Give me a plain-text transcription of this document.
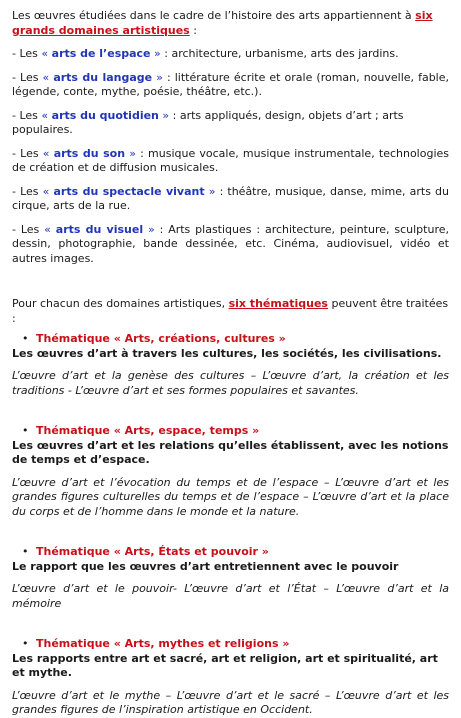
Les œuvres étudiées dans le cadre de l’histoire des arts appartiennent à six grands domaines artistiques :

- Les « arts de l’espace » : architecture, urbanisme, arts des jardins.

- Les « arts du langage » : littérature écrite et orale (roman, nouvelle, fable, légende, conte, mythe, poésie, théâtre, etc.).

- Les « arts du quotidien » : arts appliqués, design, objets d’art ; arts populaires.

- Les « arts du son » : musique vocale, musique instrumentale, technologies de création et de diffusion musicales.

- Les « arts du spectacle vivant » : théâtre, musique, danse, mime, arts du cirque, arts de la rue.

- Les « arts du visuel » : Arts plastiques : architecture, peinture, sculpture, dessin, photographie, bande dessinée, etc. Cinéma, audiovisuel, vidéo et autres images.

Pour chacun des domaines artistiques, six thématiques peuvent être traitées :

• Thématique « Arts, créations, cultures »

Les œuvres d’art à travers les cultures, les sociétés, les civilisations.

L’œuvre d’art et la genèse des cultures – L’œuvre d’art, la création et les traditions - L’œuvre d’art et ses formes populaires et savantes.

• Thématique « Arts, espace, temps »

Les œuvres d’art et les relations qu’elles établissent, avec les notions de temps et d’espace.

L’œuvre d’art et l’évocation du temps et de l’espace – L’œuvre d’art et les grandes figures culturelles du temps et de l’espace – L’œuvre d’art et la place du corps et de l’homme dans le monde et la nature.

• Thématique « Arts, États et pouvoir »

Le rapport que les œuvres d’art entretiennent avec le pouvoir

L’œuvre d’art et le pouvoir- L’œuvre d’art et l’État – L’œuvre d’art et la mémoire

• Thématique « Arts, mythes et religions »

Les rapports entre art et sacré, art et religion, art et spiritualité, art et mythe.

L’œuvre d’art et le mythe – L’œuvre d’art et le sacré – L’œuvre d’art et les grandes figures de l’inspiration artistique en Occident.
